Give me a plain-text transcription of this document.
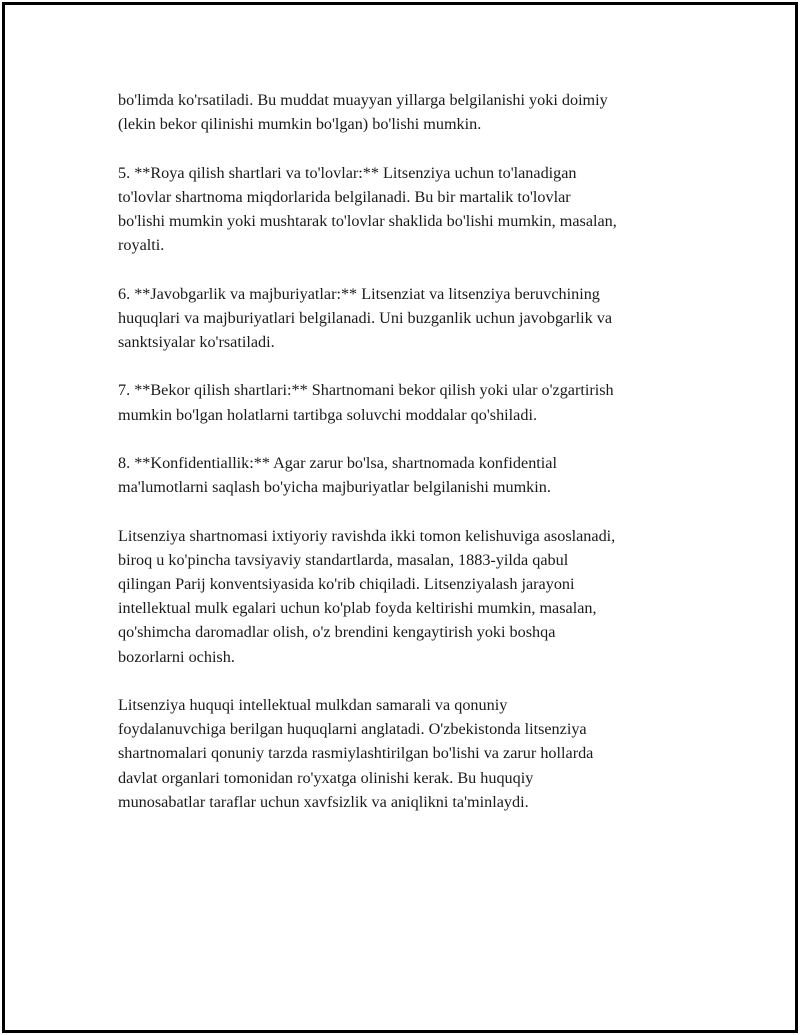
bo'limda ko'rsatiladi. Bu muddat muayyan yillarga belgilanishi yoki doimiy
(lekin bekor qilinishi mumkin bo'lgan) bo'lishi mumkin.

5. **Roya qilish shartlari va to'lovlar:** Litsenziya uchun to'lanadigan
to'lovlar shartnoma miqdorlarida belgilanadi. Bu bir martalik to'lovlar
bo'lishi mumkin yoki mushtarak to'lovlar shaklida bo'lishi mumkin, masalan,
royalti.

6. **Javobgarlik va majburiyatlar:** Litsenziat va litsenziya beruvchining
huquqlari va majburiyatlari belgilanadi. Uni buzganlik uchun javobgarlik va
sanktsiyalar ko'rsatiladi.

7. **Bekor qilish shartlari:** Shartnomani bekor qilish yoki ular o'zgartirish
mumkin bo'lgan holatlarni tartibga soluvchi moddalar qo'shiladi.

8. **Konfidentiallik:** Agar zarur bo'lsa, shartnomada konfidential
ma'lumotlarni saqlash bo'yicha majburiyatlar belgilanishi mumkin.

Litsenziya shartnomasi ixtiyoriy ravishda ikki tomon kelishuviga asoslanadi,
biroq u ko'pincha tavsiyaviy standartlarda, masalan, 1883-yilda qabul
qilingan Parij konventsiyasida ko'rib chiqiladi. Litsenziyalash jarayoni
intellektual mulk egalari uchun ko'plab foyda keltirishi mumkin, masalan,
qo'shimcha daromadlar olish, o'z brendini kengaytirish yoki boshqa
bozorlarni ochish.

Litsenziya huquqi intellektual mulkdan samarali va qonuniy
foydalanuvchiga berilgan huquqlarni anglatadi. O'zbekistonda litsenziya
shartnomalari qonuniy tarzda rasmiylashtirilgan bo'lishi va zarur hollarda
davlat organlari tomonidan ro'yxatga olinishi kerak. Bu huquqiy
munosabatlar taraflar uchun xavfsizlik va aniqlikni ta'minlaydi.
